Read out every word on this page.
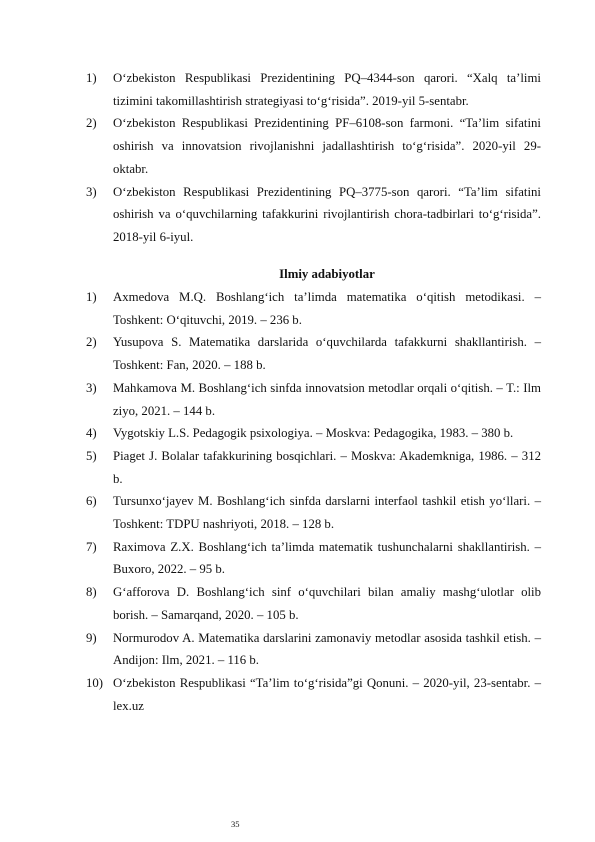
1) O‘zbekiston Respublikasi Prezidentining PQ–4344-son qarori. “Xalq ta’limi tizimini takomillashtirish strategiyasi to‘g‘risida”. 2019-yil 5-sentabr.
2) O‘zbekiston Respublikasi Prezidentining PF–6108-son farmoni. “Ta’lim sifatini oshirish va innovatsion rivojlanishni jadallashtirish to‘g‘risida”. 2020-yil 29-oktabr.
3) O‘zbekiston Respublikasi Prezidentining PQ–3775-son qarori. “Ta’lim sifatini oshirish va o‘quvchilarning tafakkurini rivojlantirish chora-tadbirlari to‘g‘risida”. 2018-yil 6-iyul.
Ilmiy adabiyotlar
1) Axmedova M.Q. Boshlang‘ich ta’limda matematika o‘qitish metodikasi. – Toshkent: O‘qituvchi, 2019. – 236 b.
2) Yusupova S. Matematika darslarida o‘quvchilarda tafakkurni shakllantirish. – Toshkent: Fan, 2020. – 188 b.
3) Mahkamova M. Boshlang‘ich sinfda innovatsion metodlar orqali o‘qitish. – T.: Ilm ziyo, 2021. – 144 b.
4) Vygotskiy L.S. Pedagogik psixologiya. – Moskva: Pedagogika, 1983. – 380 b.
5) Piaget J. Bolalar tafakkurining bosqichlari. – Moskva: Akademkniga, 1986. – 312 b.
6) Tursunxo‘jayev M. Boshlang‘ich sinfda darslarni interfaol tashkil etish yo‘llari. – Toshkent: TDPU nashriyoti, 2018. – 128 b.
7) Raximova Z.X. Boshlang‘ich ta’limda matematik tushunchalarni shakllantirish. – Buxoro, 2022. – 95 b.
8) G‘afforova D. Boshlang‘ich sinf o‘quvchilari bilan amaliy mashg‘ulotlar olib borish. – Samarqand, 2020. – 105 b.
9) Normurodov A. Matematika darslarini zamonaviy metodlar asosida tashkil etish. – Andijon: Ilm, 2021. – 116 b.
10) O‘zbekiston Respublikasi “Ta’lim to‘g‘risida”gi Qonuni. – 2020-yil, 23-sentabr. – lex.uz
35
